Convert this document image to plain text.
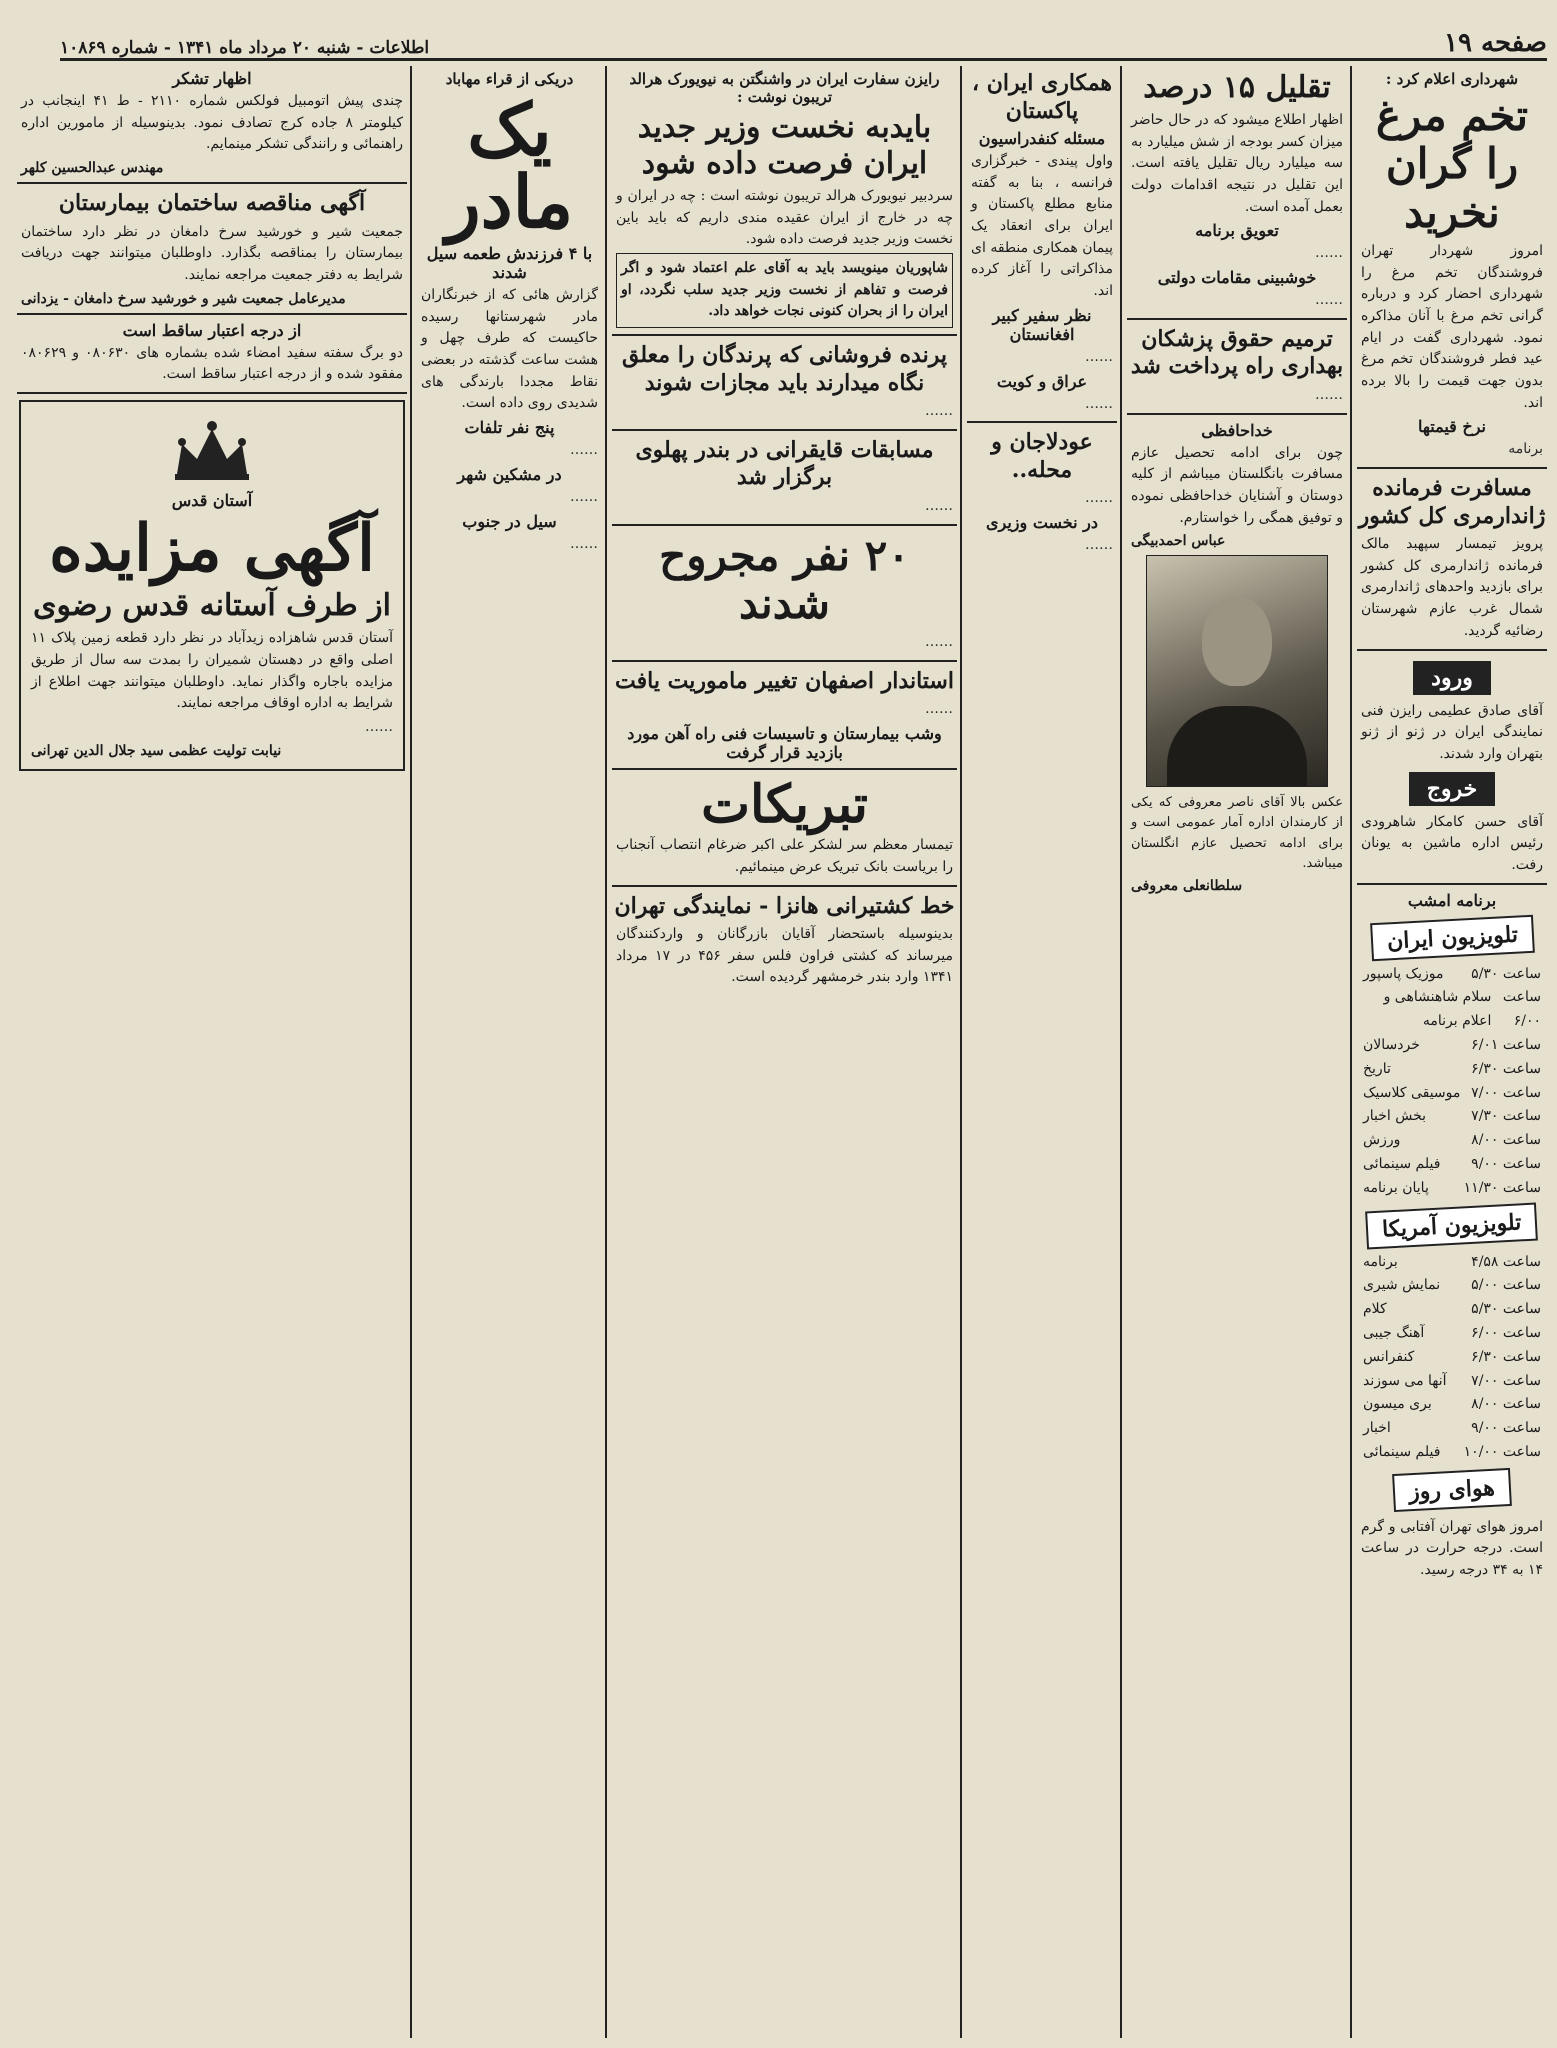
صفحه ۱۹
اطلاعات - شنبه ۲۰ مرداد ماه ۱۳۴۱ - شماره ۱۰۸۶۹
شهرداری اعلام کرد :
تخم مرغ را گران نخرید
امروز شهردار تهران فروشندگان تخم مرغ را شهرداری احضار کرد و درباره گرانی تخم مرغ با آنان مذاکره نمود. شهرداری گفت در ایام عید فطر فروشندگان تخم مرغ بدون جهت قیمت را بالا برده اند.
نرخ قیمتها
برنامه
مسافرت فرمانده ژاندارمری کل کشور
پرویز تیمسار سپهبد مالک فرمانده ژاندارمری کل کشور برای بازدید واحدهای ژاندارمری شمال غرب عازم شهرستان رضائیه گردید.
ورود
آقای صادق عطیمی رایزن فنی نمایندگی ایران در ژنو از ژنو بتهران وارد شدند.
خروج
آقای حسن کامکار شاهرودی رئیس اداره ماشین به یونان رفت.
برنامه امشب
تلویزیون ایران
ساعت ۵/۳۰
موزیک پاسپور
ساعت ۶/۰۰
سلام شاهنشاهی و اعلام برنامه
ساعت ۶/۰۱
خردسالان
ساعت ۶/۳۰
تاریخ
ساعت ۷/۰۰
موسیقی کلاسیک
ساعت ۷/۳۰
بخش اخبار
ساعت ۸/۰۰
ورزش
ساعت ۹/۰۰
فیلم سینمائی
ساعت ۱۱/۳۰
پایان برنامه
تلویزیون آمریکا
ساعت ۴/۵۸
برنامه
ساعت ۵/۰۰
نمایش شیری
ساعت ۵/۳۰
کلام
ساعت ۶/۰۰
آهنگ جیبی
ساعت ۶/۳۰
کنفرانس
ساعت ۷/۰۰
آنها می سوزند
ساعت ۸/۰۰
بری میسون
ساعت ۹/۰۰
اخبار
ساعت ۱۰/۰۰
فیلم سینمائی
هوای روز
امروز هوای تهران آفتابی و گرم است. درجه حرارت در ساعت ۱۴ به ۳۴ درجه رسید.
تقلیل ۱۵ درصد
اظهار اطلاع میشود که در حال حاضر میزان کسر بودجه از شش میلیارد به سه میلیارد ریال تقلیل یافته است. این تقلیل در نتیجه اقدامات دولت بعمل آمده است.
تعویق برنامه
……
خوشبینی مقامات دولتی
……
ترمیم حقوق پزشکان بهداری راه پرداخت شد
……
خداحافظی
چون برای ادامه تحصیل عازم مسافرت بانگلستان میباشم از کلیه دوستان و آشنایان خداحافظی نموده و توفیق همگی را خواستارم.
عباس احمدبیگی
عکس بالا آقای ناصر معروفی که یکی از کارمندان اداره آمار عمومی است و برای ادامه تحصیل عازم انگلستان میباشد.
سلطانعلی معروفی
همکاری ایران ، پاکستان
مسئله کنفدراسیون
واول پیندی - خبرگزاری فرانسه ، بنا به گفته منابع مطلع پاکستان و ایران برای انعقاد یک پیمان همکاری منطقه ای مذاکراتی را آغاز کرده اند.
نظر سفیر کبیر افغانستان
……
عراق و کویت
……
عودلاجان و محله..
……
در نخست وزیری
……
رایزن سفارت ایران در واشنگتن به نیویورک هرالد تریبون نوشت :
بایدبه نخست وزیر جدید ایران فرصت داده شود
سردبیر نیویورک هرالد تریبون نوشته است : چه در ایران و چه در خارج از ایران عقیده مندی داریم که باید باین نخست وزیر جدید فرصت داده شود.
شاپوریان مینویسد باید به آقای علم اعتماد شود و اگر فرصت و تفاهم از نخست وزیر جدید سلب نگردد، او ایران را از بحران کنونی نجات خواهد داد.
پرنده فروشانی که پرندگان را معلق نگاه میدارند باید مجازات شوند
……
مسابقات قایقرانی در بندر پهلوی برگزار شد
……
۲۰ نفر مجروح شدند
……
استاندار اصفهان تغییر ماموریت یافت
……
وشب بیمارستان و تاسیسات فنی راه آهن مورد بازدید قرار گرفت
تبریکات
تیمسار معظم سر لشکر علی اکبر ضرغام انتصاب آنجناب را بریاست بانک تبریک عرض مینمائیم.
خط کشتیرانی هانزا - نمایندگی تهران
بدینوسیله باستحضار آقایان بازرگانان و واردکنندگان میرساند که کشتی فراون فلس سفر ۴۵۶ در ۱۷ مرداد ۱۳۴۱ وارد بندر خرمشهر گردیده است.
دریکی از قراء مهاباد
یک مادر
با ۴ فرزندش طعمه سیل شدند
گزارش هائی که از خبرنگاران مادر شهرستانها رسیده حاکیست که طرف چهل و هشت ساعت گذشته در بعضی نقاط مجددا بارندگی های شدیدی روی داده است.
پنج نفر تلفات
……
در مشکین شهر
……
سیل در جنوب
……
اظهار تشکر
چندی پیش اتومبیل فولکس شماره ۲۱۱۰ - ط ۴۱ اینجانب در کیلومتر ۸ جاده کرج تصادف نمود. بدینوسیله از مامورین اداره راهنمائی و رانندگی تشکر مینمایم.
مهندس عبدالحسین کلهر
آگهی مناقصه ساختمان بیمارستان
جمعیت شیر و خورشید سرخ دامغان در نظر دارد ساختمان بیمارستان را بمناقصه بگذارد. داوطلبان میتوانند جهت دریافت شرایط به دفتر جمعیت مراجعه نمایند.
مدیرعامل جمعیت شیر و خورشید سرخ دامغان - یزدانی
از درجه اعتبار ساقط است
دو برگ سفته سفید امضاء شده بشماره های ۰۸۰۶۳۰ و ۰۸۰۶۲۹ مفقود شده و از درجه اعتبار ساقط است.
آستان قدس
آگهی مزایده
از طرف آستانه قدس رضوی
آستان قدس شاهزاده زیدآباد در نظر دارد قطعه زمین پلاک ۱۱ اصلی واقع در دهستان شمیران را بمدت سه سال از طریق مزایده باجاره واگذار نماید. داوطلبان میتوانند جهت اطلاع از شرایط به اداره اوقاف مراجعه نمایند.
……
نیابت تولیت عظمی سید جلال الدین تهرانی
